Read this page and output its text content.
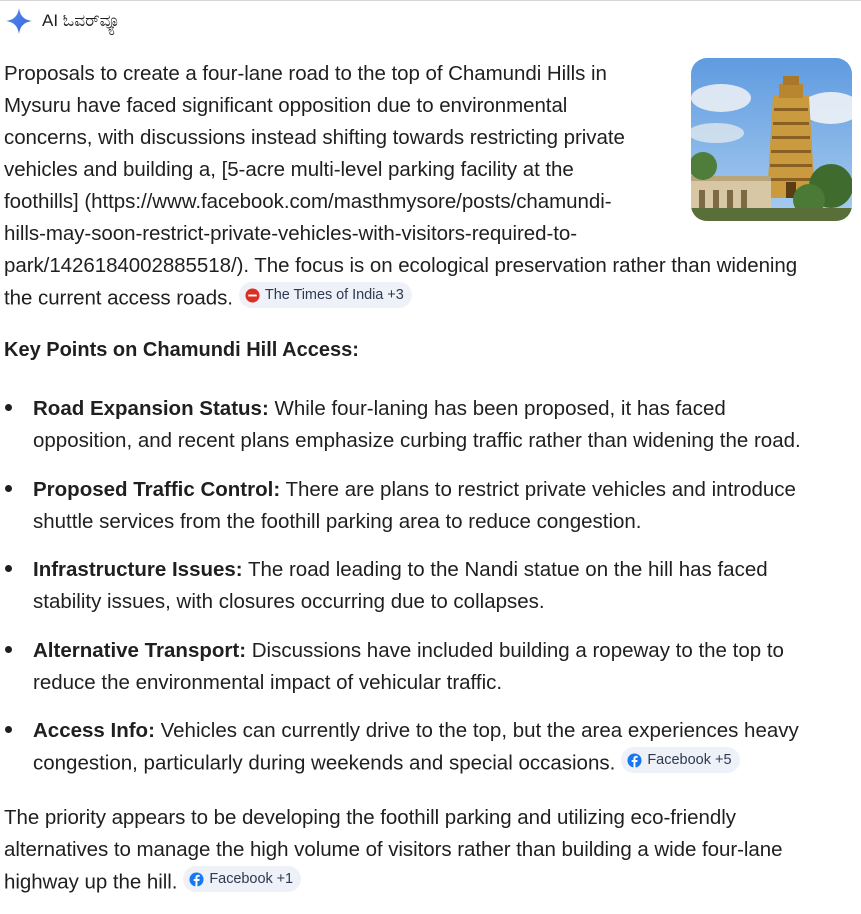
AI ಓವರ್‌ವ್ಯೂ
Proposals to create a four-lane road to the top of Chamundi Hills in
Mysuru have faced significant opposition due to environmental
concerns, with discussions instead shifting towards restricting private
vehicles and building a, [5-acre multi-level parking facility at the
foothills] (https://www.facebook.com/masthmysore/posts/chamundi-
hills-may-soon-restrict-private-vehicles-with-visitors-required-to-
park/1426184002885518/). The focus is on ecological preservation rather than widening
the current access roads. The Times of India +3
Key Points on Chamundi Hill Access:
Road Expansion Status: While four-laning has been proposed, it has faced
opposition, and recent plans emphasize curbing traffic rather than widening the road.
Proposed Traffic Control: There are plans to restrict private vehicles and introduce
shuttle services from the foothill parking area to reduce congestion.
Infrastructure Issues: The road leading to the Nandi statue on the hill has faced
stability issues, with closures occurring due to collapses.
Alternative Transport: Discussions have included building a ropeway to the top to
reduce the environmental impact of vehicular traffic.
Access Info: Vehicles can currently drive to the top, but the area experiences heavy
congestion, particularly during weekends and special occasions. Facebook +5
The priority appears to be developing the foothill parking and utilizing eco-friendly
alternatives to manage the high volume of visitors rather than building a wide four-lane
highway up the hill. Facebook +1
